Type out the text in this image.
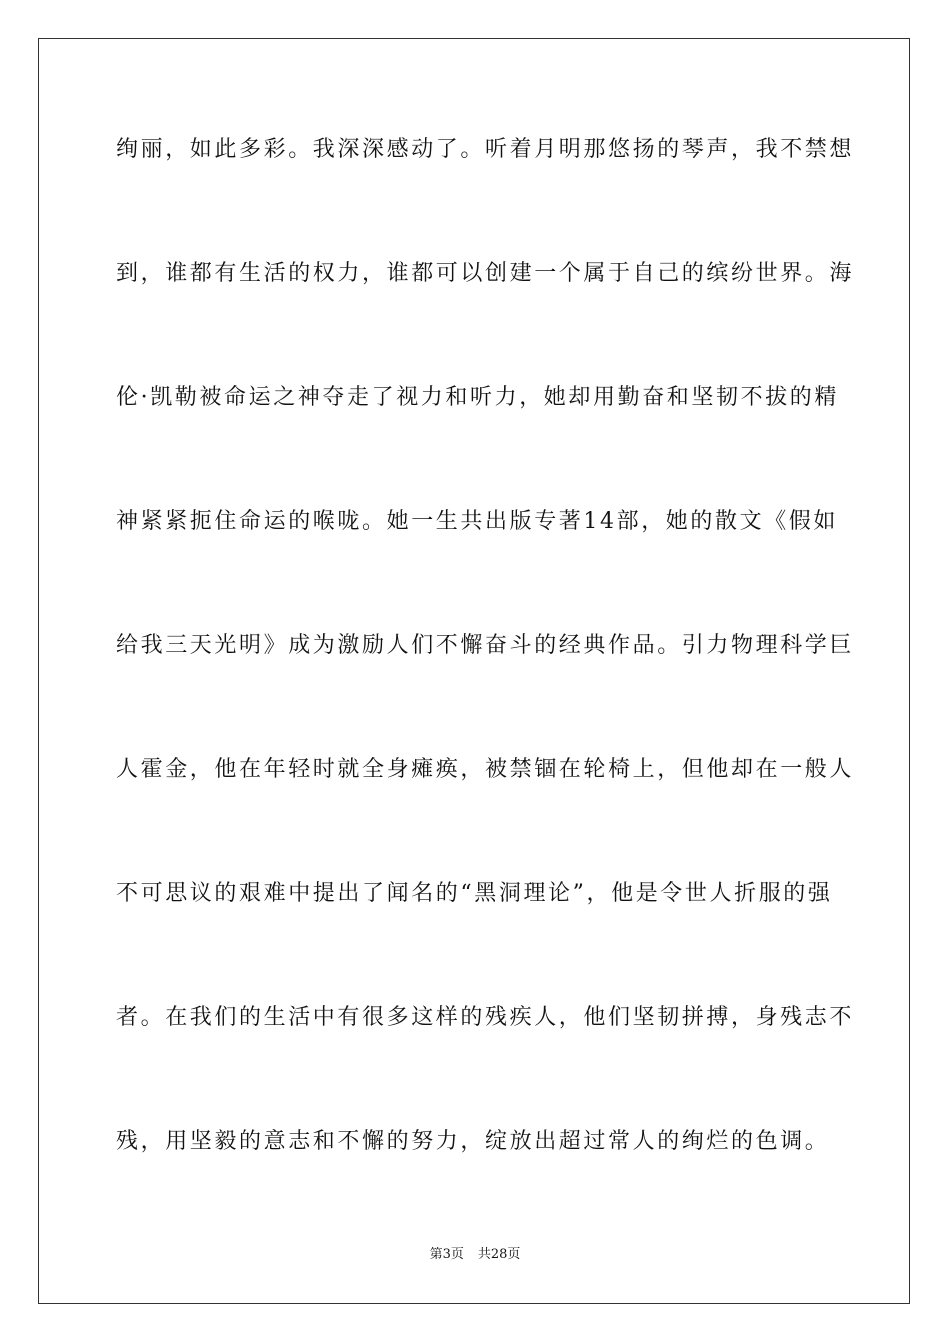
绚丽，如此多彩。我深深感动了。听着月明那悠扬的琴声，我不禁想
到，谁都有生活的权力，谁都可以创建一个属于自己的缤纷世界。海
伦·凯勒被命运之神夺走了视力和听力，她却用勤奋和坚韧不拔的精
神紧紧扼住命运的喉咙。她一生共出版专著14部，她的散文《假如
给我三天光明》成为激励人们不懈奋斗的经典作品。引力物理科学巨
人霍金，他在年轻时就全身瘫痪，被禁锢在轮椅上，但他却在一般人
不可思议的艰难中提出了闻名的“黑洞理论”，他是令世人折服的强
者。在我们的生活中有很多这样的残疾人，他们坚韧拼搏，身残志不
残，用坚毅的意志和不懈的努力，绽放出超过常人的绚烂的色调。
第3页 共28页
